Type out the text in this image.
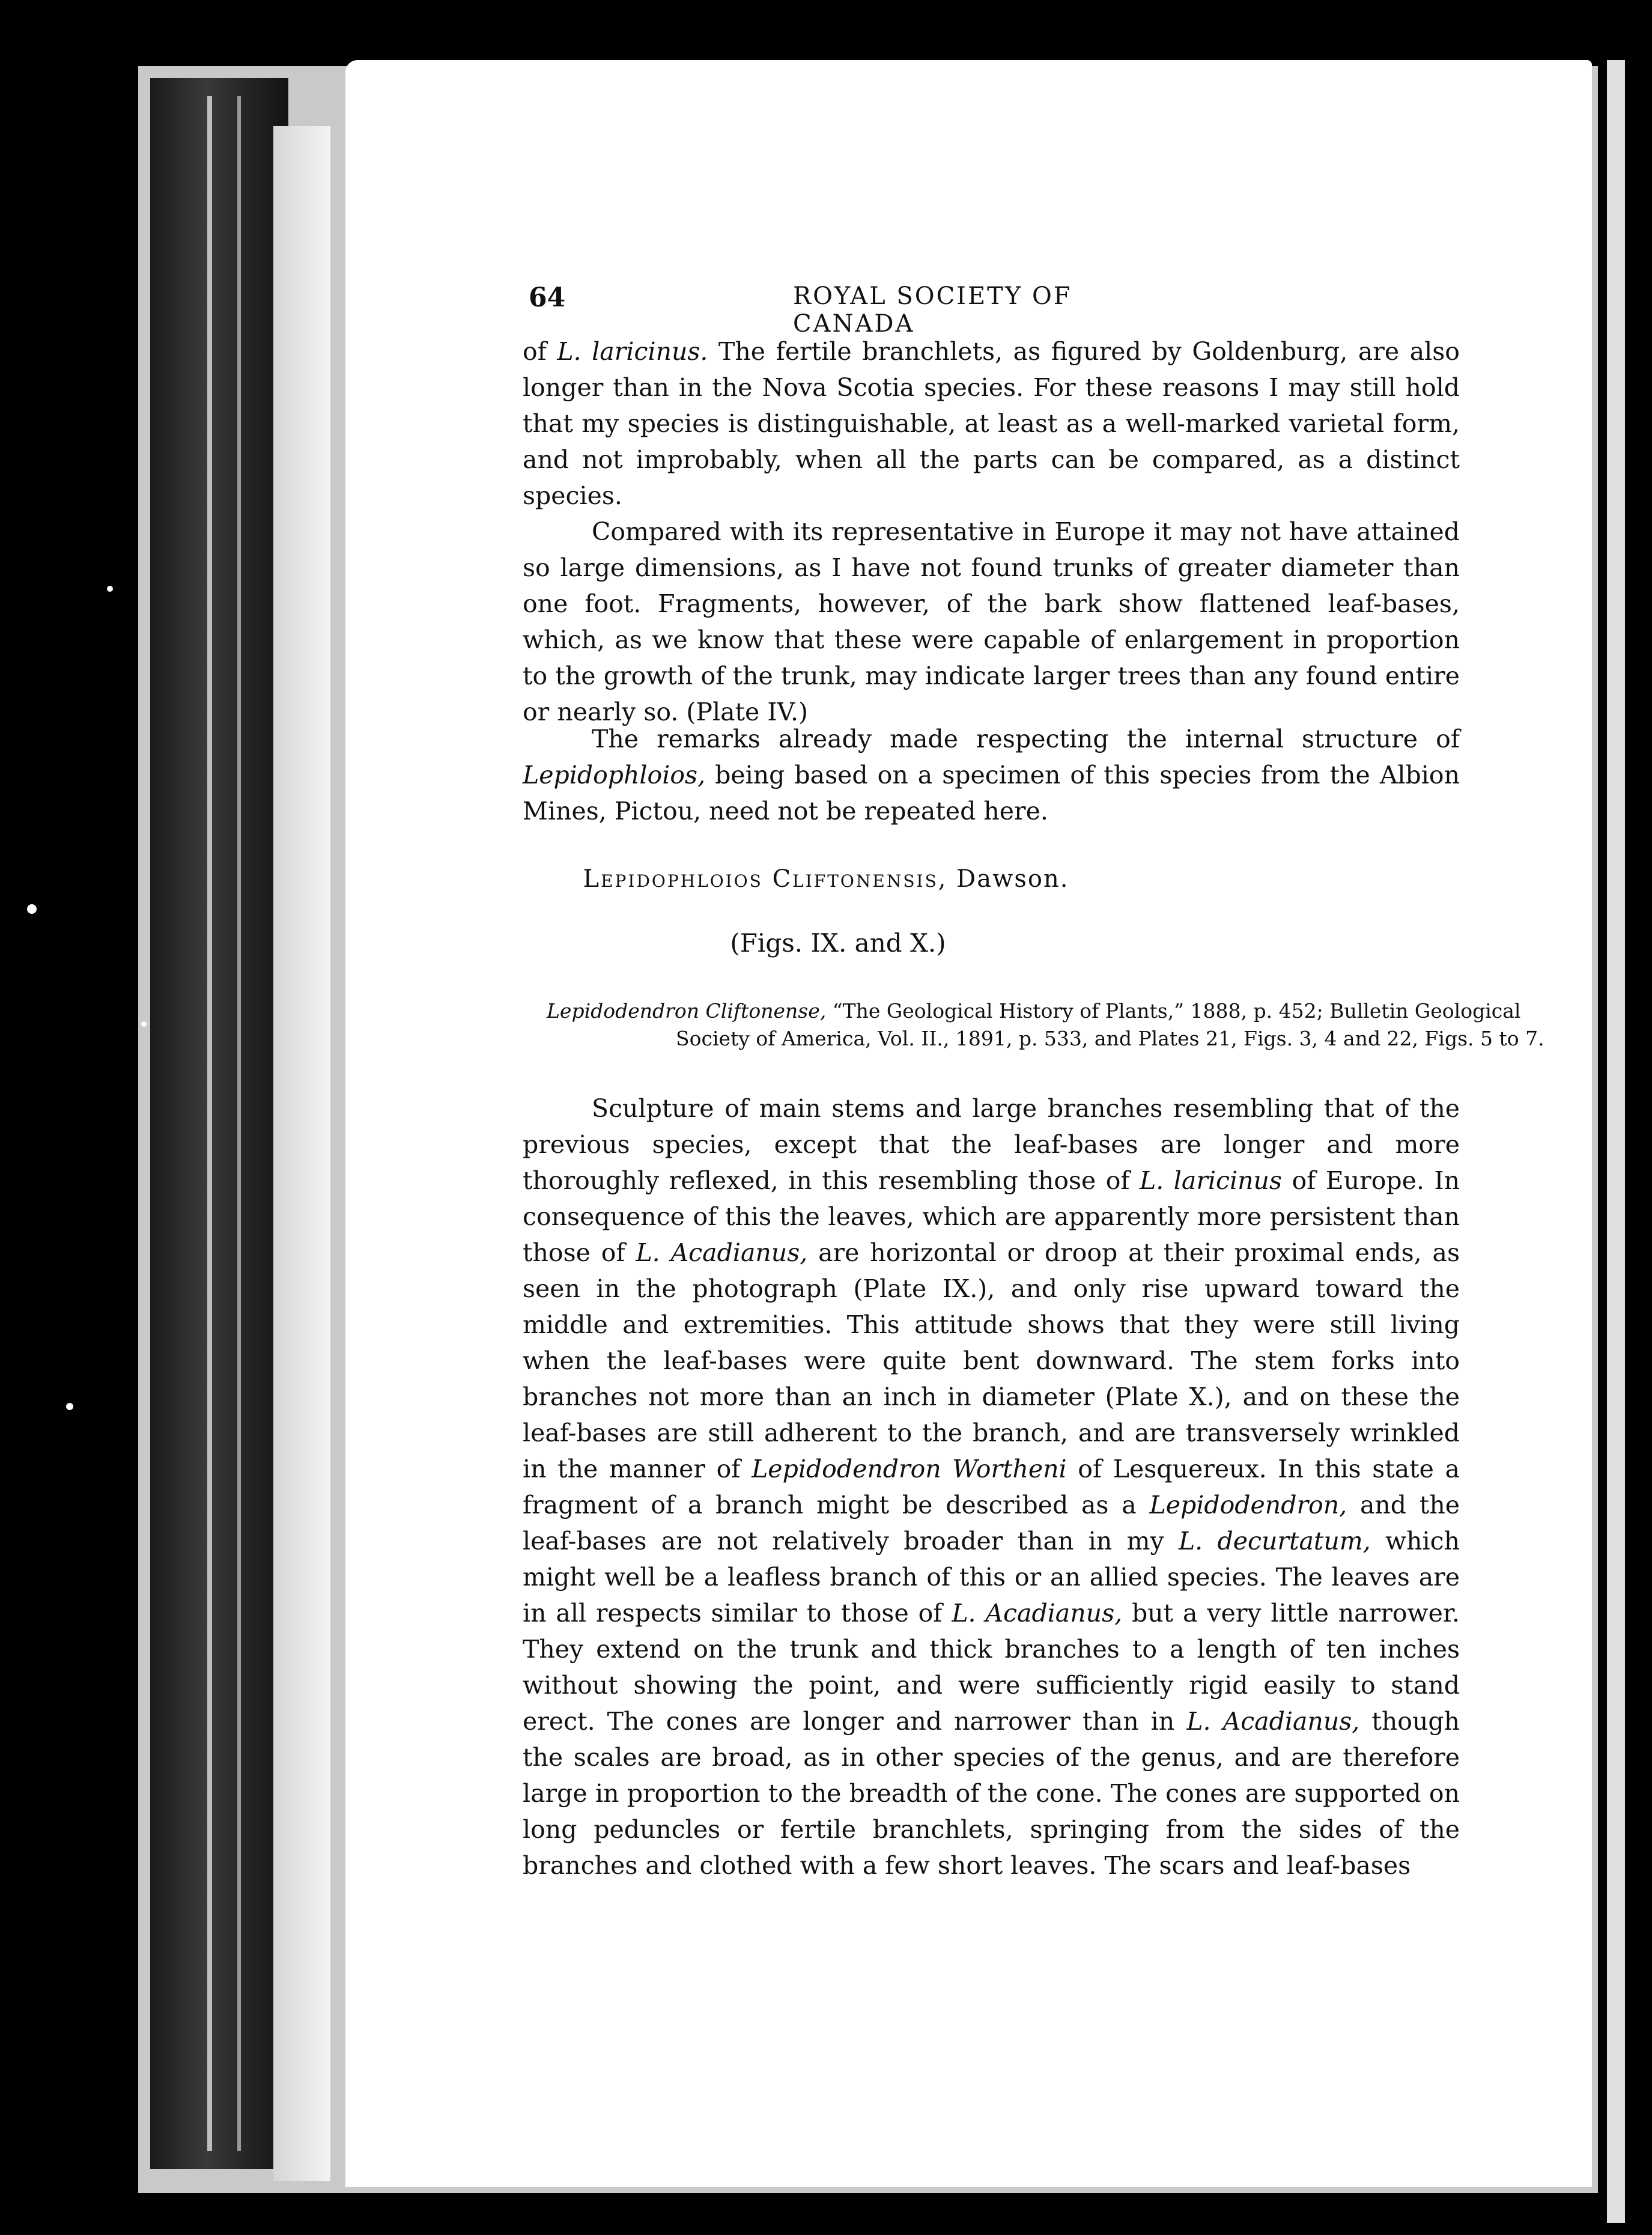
64	ROYAL SOCIETY OF CANADA

of L. laricinus. The fertile branchlets, as figured by Goldenburg, are also longer than in the Nova Scotia species. For these reasons I may still hold that my species is distinguishable, at least as a well-marked varietal form, and not improbably, when all the parts can be compared, as a distinct species.

Compared with its representative in Europe it may not have attained so large dimensions, as I have not found trunks of greater diameter than one foot. Fragments, however, of the bark show flattened leaf-bases, which, as we know that these were capable of enlargement in proportion to the growth of the trunk, may indicate larger trees than any found entire or nearly so. (Plate IV.)

The remarks already made respecting the internal structure of Lepidophloios, being based on a specimen of this species from the Albion Mines, Pictou, need not be repeated here.

Lepidophloios Cliftonensis, Dawson.

(Figs. IX. and X.)

Lepidodendron Cliftonense, “The Geological History of Plants,” 1888, p. 452; Bulletin Geological Society of America, Vol. II., 1891, p. 533, and Plates 21, Figs. 3, 4 and 22, Figs. 5 to 7.

Sculpture of main stems and large branches resembling that of the previous species, except that the leaf-bases are longer and more thoroughly reflexed, in this resembling those of L. laricinus of Europe. In consequence of this the leaves, which are apparently more persistent than those of L. Acadianus, are horizontal or droop at their proximal ends, as seen in the photograph (Plate IX.), and only rise upward toward the middle and extremities. This attitude shows that they were still living when the leaf-bases were quite bent downward. The stem forks into branches not more than an inch in diameter (Plate X.), and on these the leaf-bases are still adherent to the branch, and are transversely wrinkled in the manner of Lepidodendron Wortheni of Lesquereux. In this state a fragment of a branch might be described as a Lepidodendron, and the leaf-bases are not relatively broader than in my L. decurtatum, which might well be a leafless branch of this or an allied species. The leaves are in all respects similar to those of L. Acadianus, but a very little narrower. They extend on the trunk and thick branches to a length of ten inches without showing the point, and were sufficiently rigid easily to stand erect. The cones are longer and narrower than in L. Acadianus, though the scales are broad, as in other species of the genus, and are therefore large in proportion to the breadth of the cone. The cones are supported on long peduncles or fertile branchlets, springing from the sides of the branches and clothed with a few short leaves. The scars and leaf-bases
